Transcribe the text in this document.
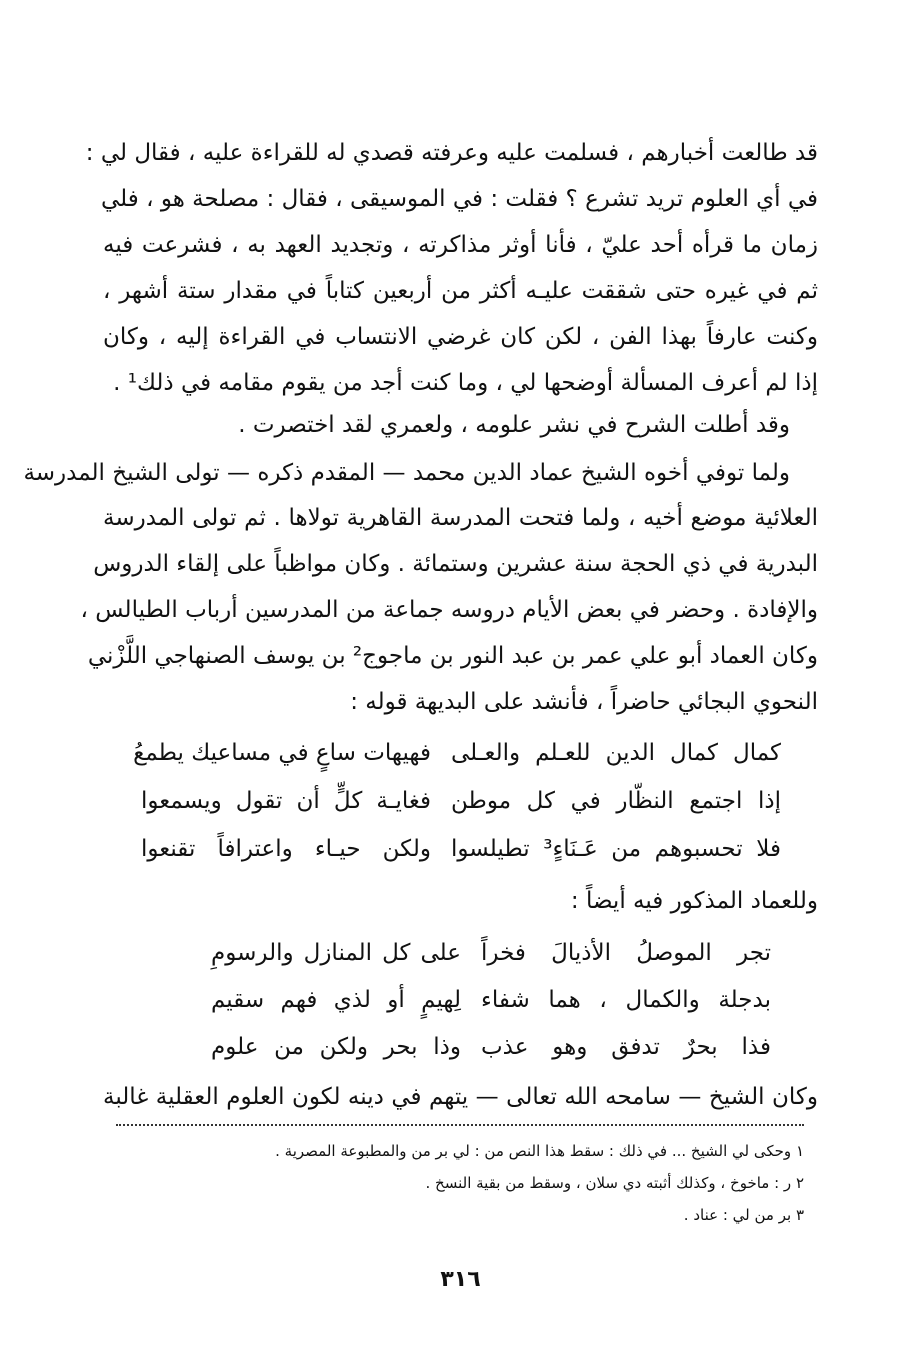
قد طالعت أخبارهم ، فسلمت عليه وعرفته قصدي له للقراءة عليه ، فقال لي :
في أي العلوم تريد تشرع ؟ فقلت : في الموسيقى ، فقال : مصلحة هو ، فلي
زمان ما قرأه أحد عليّ ، فأنا أوثر مذاكرته ، وتجديد العهد به ، فشرعت فيه
ثم في غيره حتى شققت عليـه أكثر من أربعين كتاباً في مقدار ستة أشهر ،
وكنت عارفاً بهذا الفن ، لكن كان غرضي الانتساب في القراءة إليه ، وكان
إذا لم أعرف المسألة أوضحها لي ، وما كنت أجد من يقوم مقامه في ذلك¹ .
وقد أطلت الشرح في نشر علومه ، ولعمري لقد اختصرت .
ولما توفي أخوه الشيخ عماد الدين محمد — المقدم ذكره — تولى الشيخ المدرسة
العلائية موضع أخيه ، ولما فتحت المدرسة القاهرية تولاها . ثم تولى المدرسة
البدرية في ذي الحجة سنة عشرين وستمائة . وكان مواظباً على إلقاء الدروس
والإفادة . وحضر في بعض الأيام دروسه جماعة من المدرسين أرباب الطيالس ،
وكان العماد أبو علي عمر بن عبد النور بن ماجوج² بن يوسف الصنهاجي اللَّزْني
النحوي البجائي حاضراً ، فأنشد على البديهة قوله :
كمال كمال الدين للعـلم والعـلى
فهيهات ساعٍ في مساعيك يطمعُ
إذا اجتمع النظّار في كل موطن
فغايـة كلٍّ أن تقول ويسمعوا
فلا تحسبوهم من عَـنَاءٍ³ تطيلسوا
ولكن حيـاء واعترافاً تقنعوا
وللعماد المذكور فيه أيضاً :
تجر الموصلُ الأذيالَ فخراً
على كل المنازل والرسومِ
بدجلة والكمال ، هما شفاء
لِهيمٍ أو لذي فهم سقيم
فذا بحرٌ تدفق وهو عذب
وذا بحر ولكن من علوم
وكان الشيخ — سامحه الله تعالى — يتهم في دينه لكون العلوم العقلية غالبة
١ وحكى لي الشيخ ... في ذلك : سقط هذا النص من : لي بر من والمطبوعة المصرية .
٢ ر : ماخوخ ، وكذلك أثبته دي سلان ، وسقط من بقية النسخ .
٣ بر من لي : عناد .
٣١٦
